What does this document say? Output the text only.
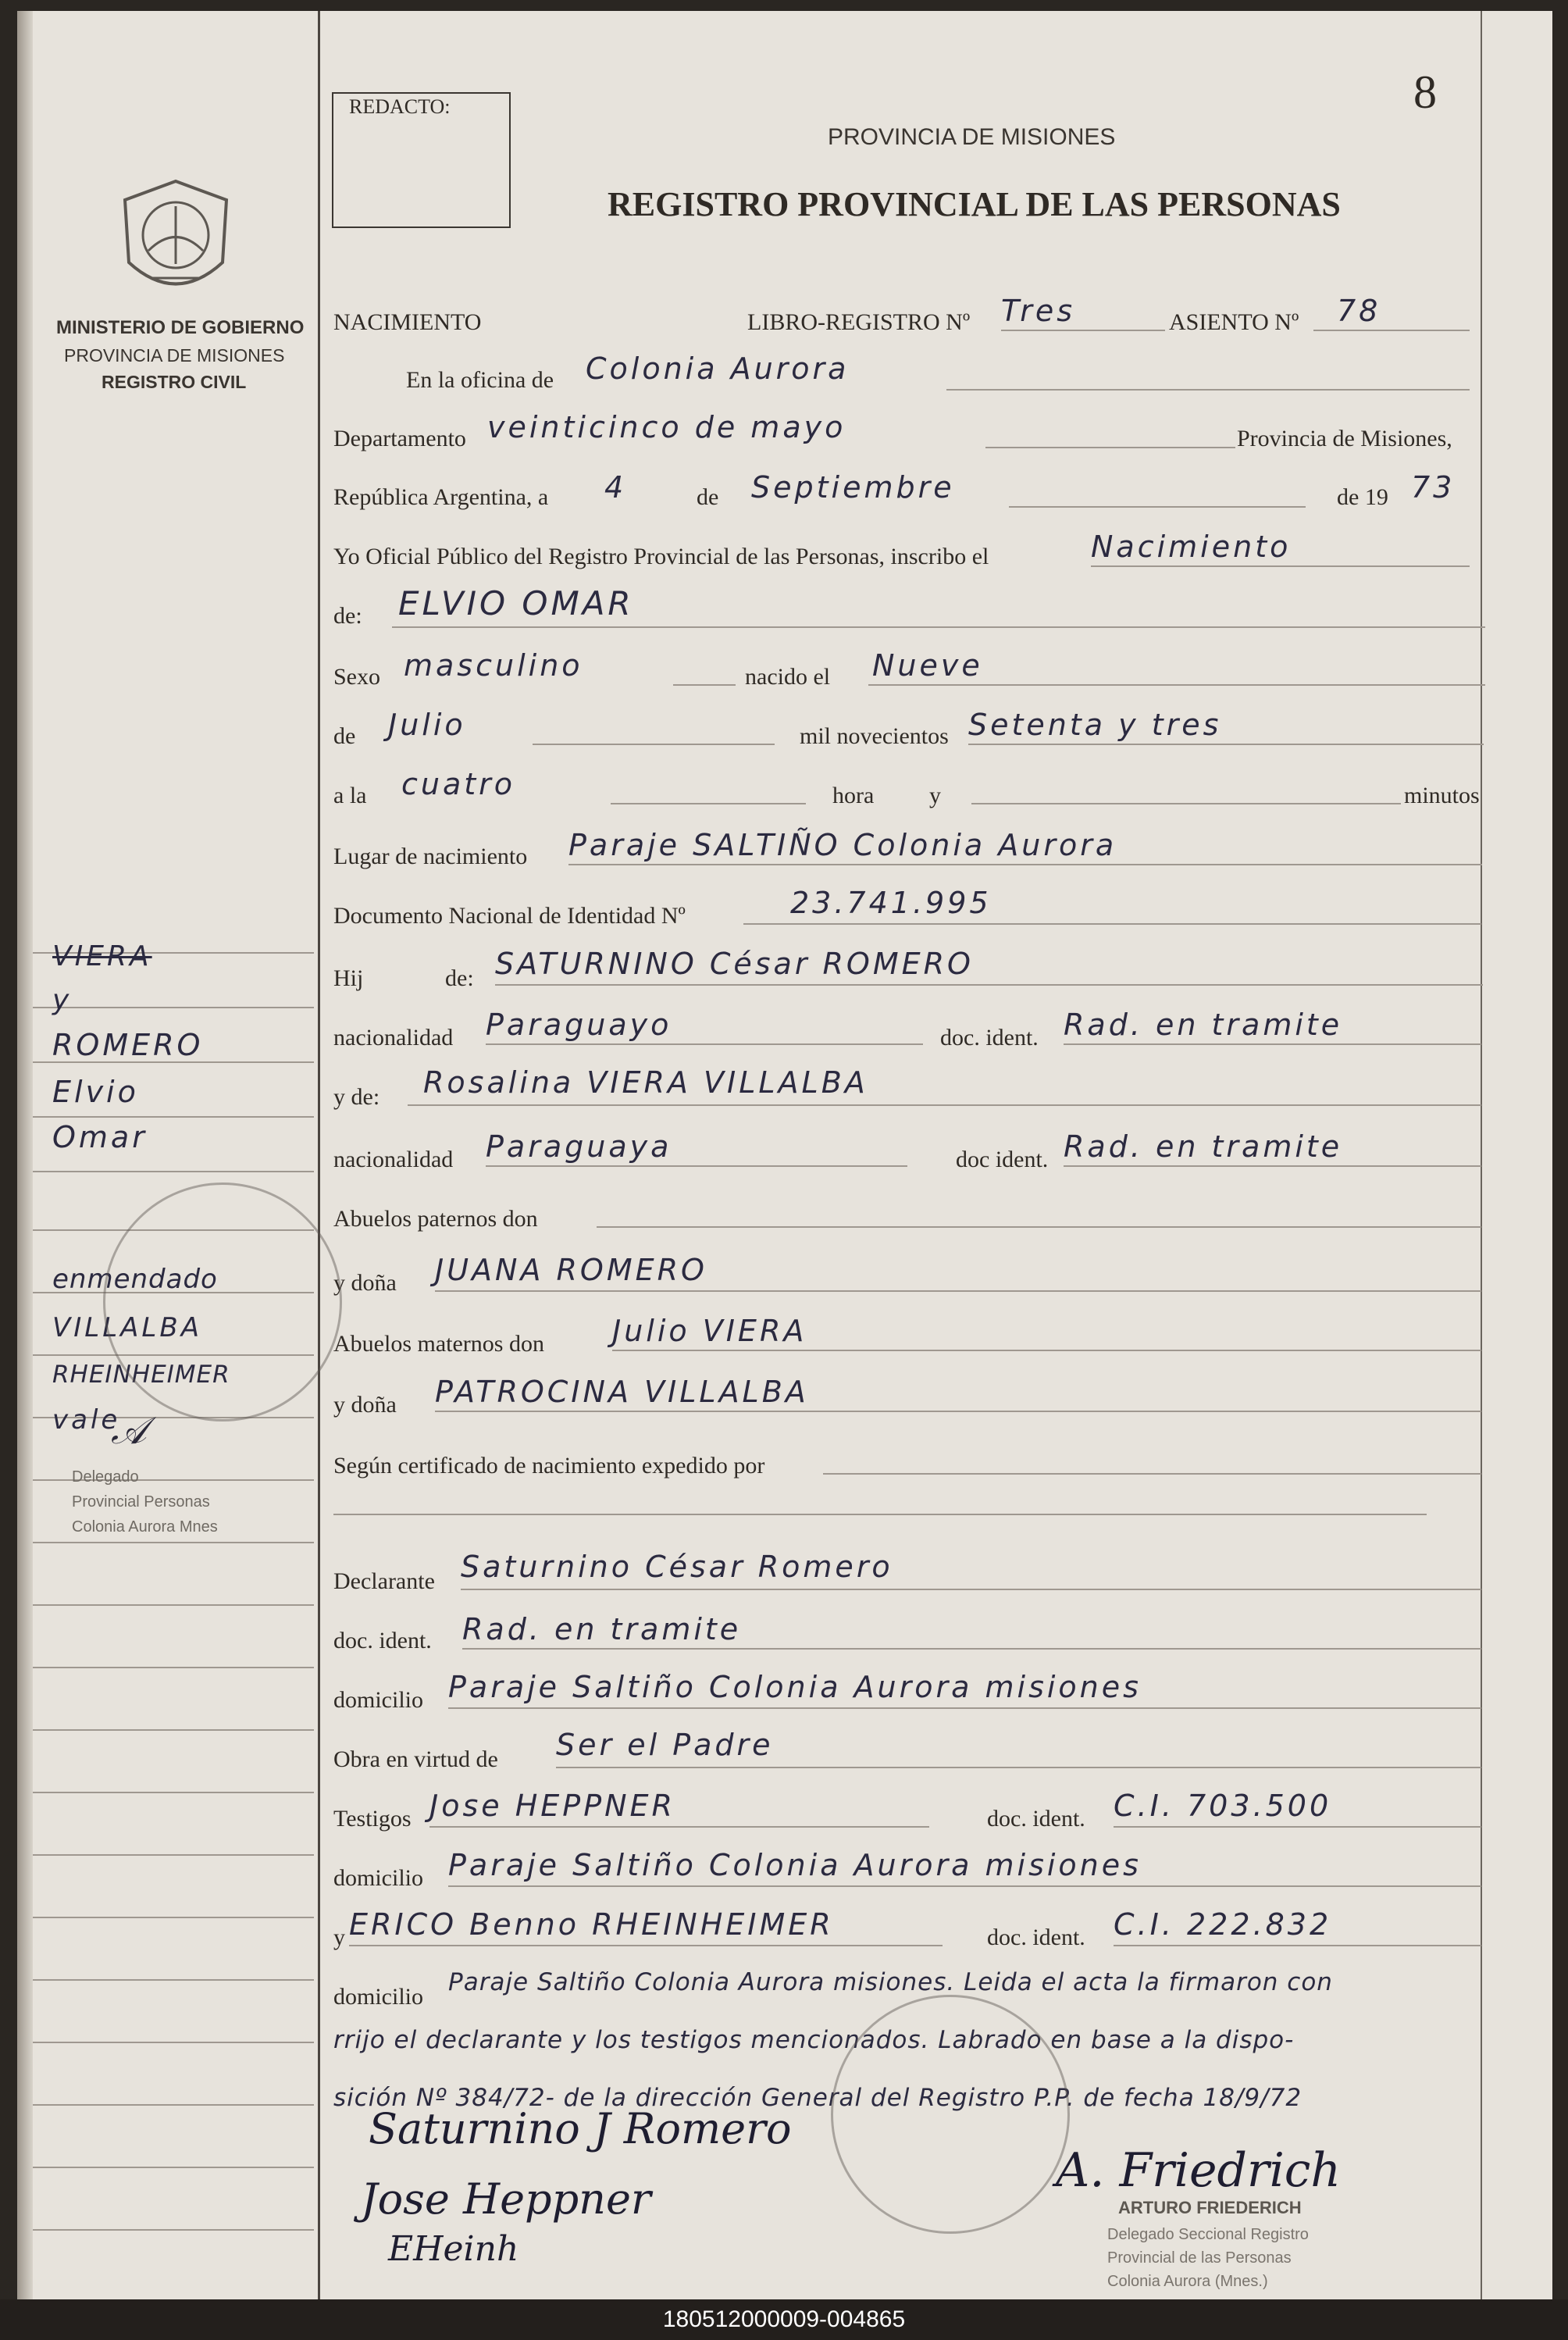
MINISTERIO DE GOBIERNO
PROVINCIA DE MISIONES
REGISTRO CIVIL
REDACTO:	8
PROVINCIA DE MISIONES
REGISTRO PROVINCIAL DE LAS PERSONAS
NACIMIENTO	LIBRO-REGISTRO Nº Tres	ASIENTO Nº 78
En la oficina de Colonia Aurora
Departamento veinticinco de mayo	Provincia de Misiones,
República Argentina, a 4	de Septiembre	de 19 73
Yo Oficial Público del Registro Provincial de las Personas, inscribo el	Nacimiento
de: ELVIO OMAR
Sexo masculino	nacido el Nueve
de Julio	mil novecientos Setenta y tres
a la cuatro	hora y	minutos
Lugar de nacimiento Paraje SALTIÑO Colonia Aurora
Documento Nacional de Identidad Nº	23.741.995
Hij	de: SATURNINO César ROMERO
nacionalidad Paraguayo	doc. ident. Rad. en tramite
y de: Rosalina VIERA VILLALBA
nacionalidad Paraguaya	doc ident. Rad. en tramite
Abuelos paternos don
y doña JUANA ROMERO
Abuelos maternos don Julio VIERA
y doña PATROCINA VILLALBA
Según certificado de nacimiento expedido por
Declarante Saturnino César Romero
doc. ident. Rad. en tramite
domicilio Paraje Saltiño Colonia Aurora misiones
Obra en virtud de Ser el Padre
Testigos Jose HEPPNER	doc. ident. C.I. 703.500
domicilio Paraje Saltiño Colonia Aurora misiones
y ERICO Benno RHEINHEIMER	doc. ident. C.I. 222.832
domicilio
Paraje Saltiño Colonia Aurora misiones. Leida el acta la firmaron con
rrijo el declarante y los testigos mencionados. Labrado en base a la dispo-
sición Nº 384/72- de la dirección General del Registro P.P. de fecha 18/9/72
VIERA
y
ROMERO
Elvio
Omar
enmendado
VILLALBA
RHEINHEIMER
vale
Delegado
Provincial Personas
Colonia Aurora Mnes
𝒜
Saturnino J Romero
Jose Heppner
EHeinh
A. Friedrich
ARTURO FRIEDERICH
Delegado Seccional Registro
Provincial de las Personas
Colonia Aurora (Mnes.)
180512000009-004865
